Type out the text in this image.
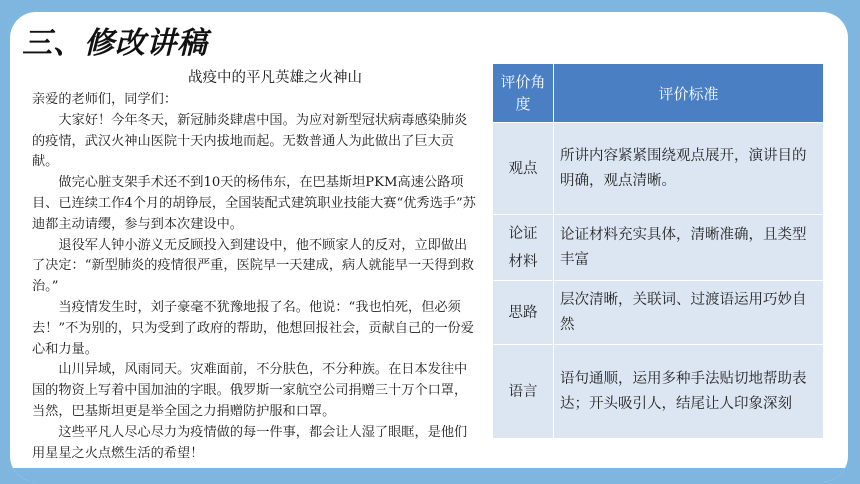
三、修改讲稿
战疫中的平凡英雄之火神山

亲爱的老师们，同学们：

大家好！今年冬天，新冠肺炎肆虐中国。为应对新型冠状病毒感染肺炎的疫情，武汉火神山医院十天内拔地而起。无数普通人为此做出了巨大贡献。

做完心脏支架手术还不到10天的杨伟东，在巴基斯坦PKM高速公路项目、已连续工作4个月的胡铮辰，全国装配式建筑职业技能大赛“优秀选手”苏迪都主动请缨，参与到本次建设中。

退役军人钟小游义无反顾投入到建设中，他不顾家人的反对，立即做出了决定：“新型肺炎的疫情很严重，医院早一天建成，病人就能早一天得到救治。”

当疫情发生时，刘子豪毫不犹豫地报了名。他说：“我也怕死，但必须去！”不为别的，只为受到了政府的帮助，他想回报社会，贡献自己的一份爱心和力量。

山川异域，风雨同天。灾难面前，不分肤色，不分种族。在日本发往中国的物资上写着中国加油的字眼。俄罗斯一家航空公司捐赠三十万个口罩，当然，巴基斯坦更是举全国之力捐赠防护服和口罩。

这些平凡人尽心尽力为疫情做的每一件事，都会让人湿了眼眶，是他们用星星之火点燃生活的希望！

评价角度	评价标准
观点	所讲内容紧紧围绕观点展开，演讲目的明确，观点清晰。
论证材料	论证材料充实具体，清晰准确，且类型丰富
思路	层次清晰，关联词、过渡语运用巧妙自然
语言	语句通顺，运用多种手法贴切地帮助表达；开头吸引人，结尾让人印象深刻
